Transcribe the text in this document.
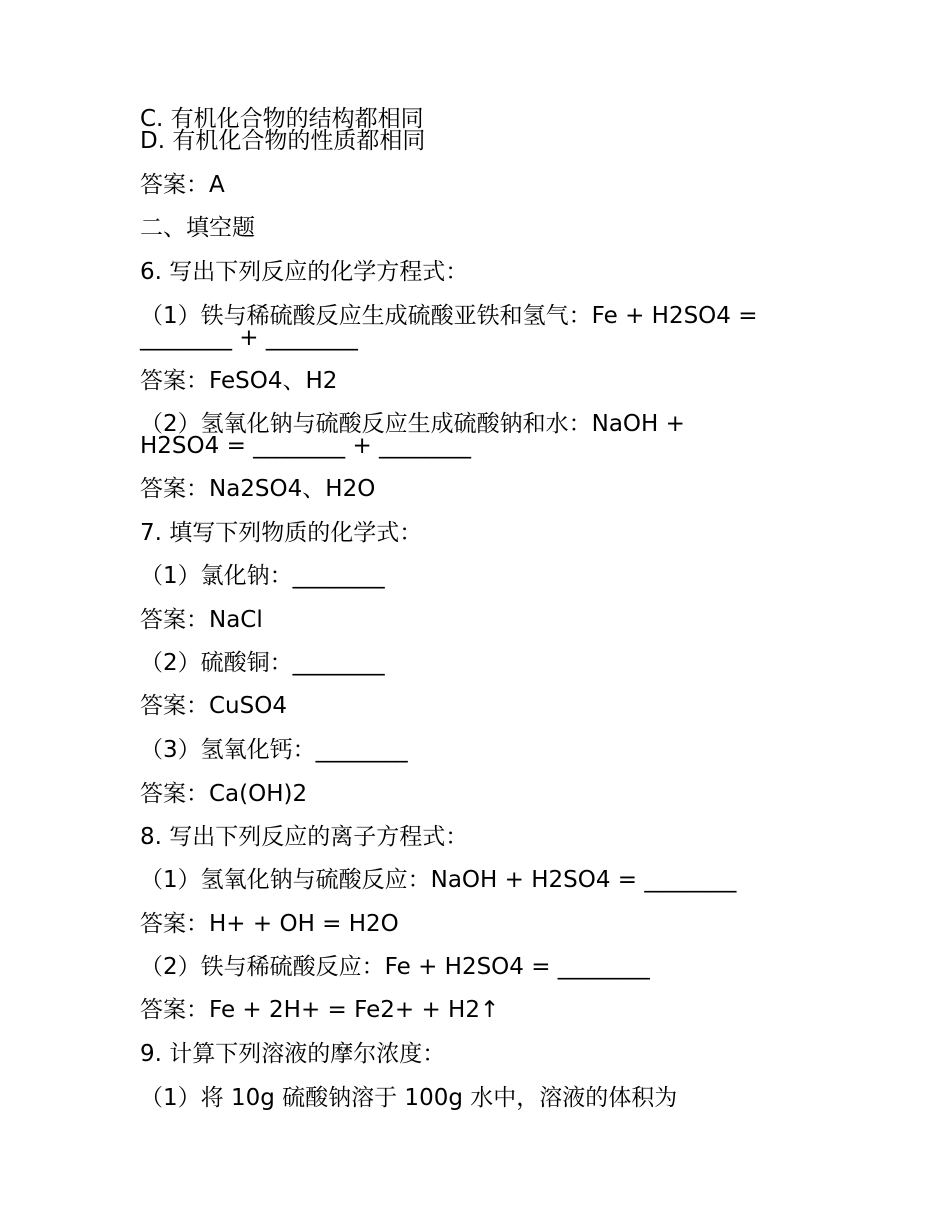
C. 有机化合物的结构都相同
D. 有机化合物的性质都相同
答案：A
二、填空题
6. 写出下列反应的化学方程式：
（1）铁与稀硫酸反应生成硫酸亚铁和氢气：Fe + H2SO4 =
________ + ________
答案：FeSO4、H2
（2）氢氧化钠与硫酸反应生成硫酸钠和水：NaOH +
H2SO4 = ________ + ________
答案：Na2SO4、H2O
7. 填写下列物质的化学式：
（1）氯化钠：________
答案：NaCl
（2）硫酸铜：________
答案：CuSO4
（3）氢氧化钙：________
答案：Ca(OH)2
8. 写出下列反应的离子方程式：
（1）氢氧化钠与硫酸反应：NaOH + H2SO4 = ________
答案：H+ + OH = H2O
（2）铁与稀硫酸反应：Fe + H2SO4 = ________
答案：Fe + 2H+ = Fe2+ + H2↑
9. 计算下列溶液的摩尔浓度：
（1）将 10g 硫酸钠溶于 100g 水中，溶液的体积为
